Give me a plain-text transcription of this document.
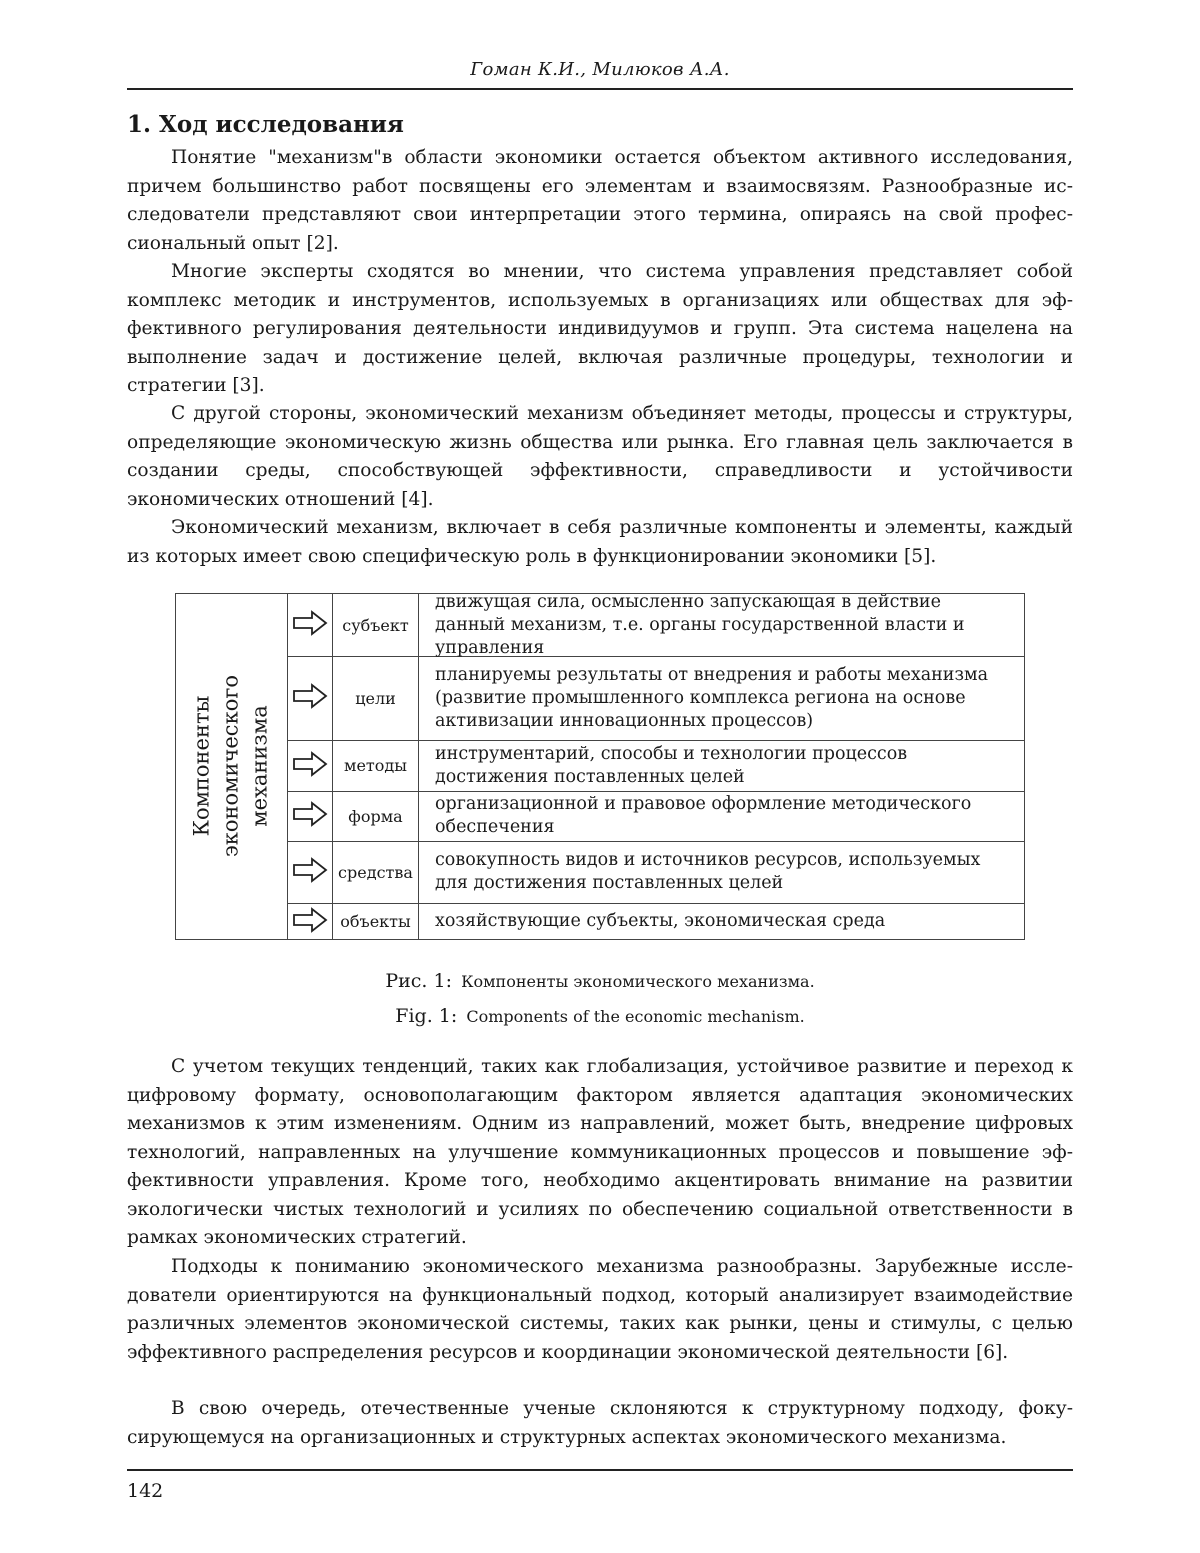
Гоман К.И., Милюков А.А.
1. Ход исследования

Понятие "механизм"в области экономики остается объектом активного исследования, причем большинство работ посвящены его элементам и взаимосвязям. Разнообразные исследователи представляют свои интерпретации этого термина, опираясь на свой профессиональный опыт [2].

Многие эксперты сходятся во мнении, что система управления представляет собой комплекс методик и инструментов, используемых в организациях или обществах для эффективного регулирования деятельности индивидуумов и групп. Эта система нацелена на выполнение задач и достижение целей, включая различные процедуры, технологии и стратегии [3].

С другой стороны, экономический механизм объединяет методы, процессы и структуры, определяющие экономическую жизнь общества или рынка. Его главная цель заключается в создании среды, способствующей эффективности, справедливости и устойчивости экономических отношений [4].

Экономический механизм, включает в себя различные компоненты и элементы, каждый из которых имеет свою специфическую роль в функционировании экономики [5].

Компоненты экономического механизма
субъект
движущая сила, осмысленно запускающая в действие данный механизм, т.е. органы государственной власти и управления
цели
планируемы результаты от внедрения и работы механизма (развитие промышленного комплекса региона на основе активизации инновационных процессов)
методы
инструментарий, способы и технологии процессов достижения поставленных целей
форма
организационной и правовое оформление методического обеспечения
средства
совокупность видов и источников ресурсов, используемых для достижения поставленных целей
объекты	хозяйствующие субъекты, экономическая среда

Рис. 1: Компоненты экономического механизма.

Fig. 1: Components of the economic mechanism.

С учетом текущих тенденций, таких как глобализация, устойчивое развитие и переход к цифровому формату, основополагающим фактором является адаптация экономических механизмов к этим изменениям. Одним из направлений, может быть, внедрение цифровых технологий, направленных на улучшение коммуникационных процессов и повышение эффективности управления. Кроме того, необходимо акцентировать внимание на развитии экологически чистых технологий и усилиях по обеспечению социальной ответственности в рамках экономических стратегий.

Подходы к пониманию экономического механизма разнообразны. Зарубежные исследователи ориентируются на функциональный подход, который анализирует взаимодействие различных элементов экономической системы, таких как рынки, цены и стимулы, с целью эффективного распределения ресурсов и координации экономической деятельности [6].

В свою очередь, отечественные ученые склоняются к структурному подходу, фокусирующемуся на организационных и структурных аспектах экономического механизма.

142
